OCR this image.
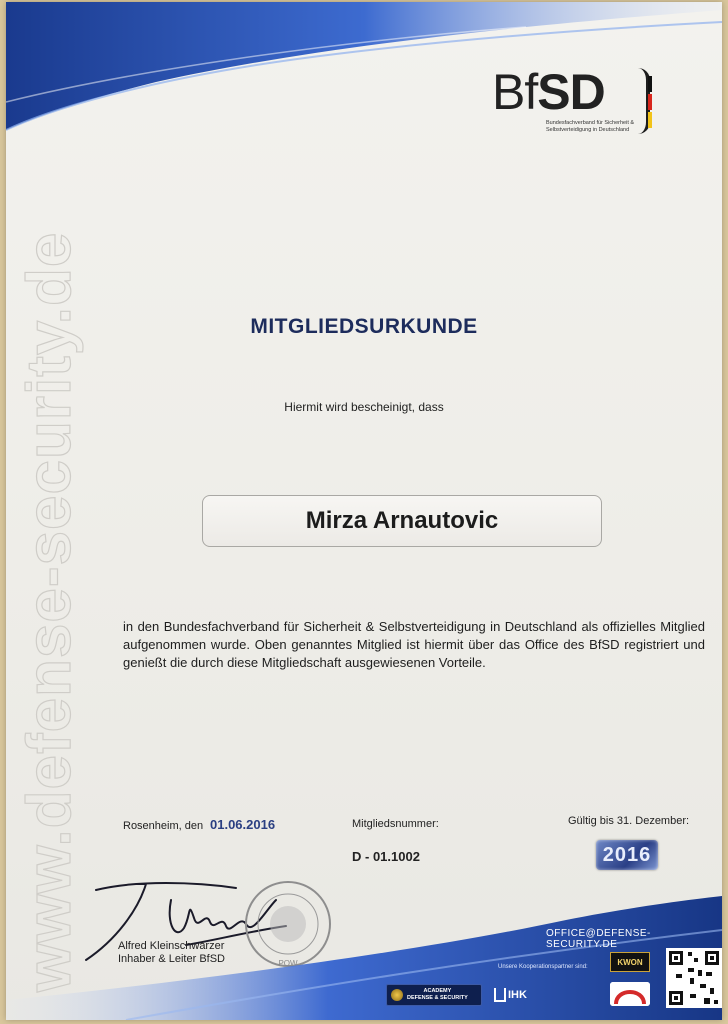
www.defense-security.de
BfSD
Bundesfachverband für Sicherheit & Selbstverteidigung in Deutschland
MITGLIEDSURKUNDE
Hiermit wird bescheinigt, dass
Mirza Arnautovic
in den Bundesfachverband für Sicherheit & Selbstverteidigung in Deutschland als offizielles Mitglied aufgenommen wurde. Oben genanntes Mitglied ist hiermit über das Office des BfSD registriert und genießt die durch diese Mitgliedschaft ausgewiesenen Vorteile.
Rosenheim, den 01.06.2016	Mitgliedsnummer:
D - 01.1002
Gültig bis 31. Dezember:
2016
POW
Alfred Kleinschwärzer
Inhaber & Leiter BfSD
OFFICE@DEFENSE-SECURITY.DE
Unsere Kooperationspartner sind:
ACADEMY
DEFENSE & SECURITY	IHK
KWON
